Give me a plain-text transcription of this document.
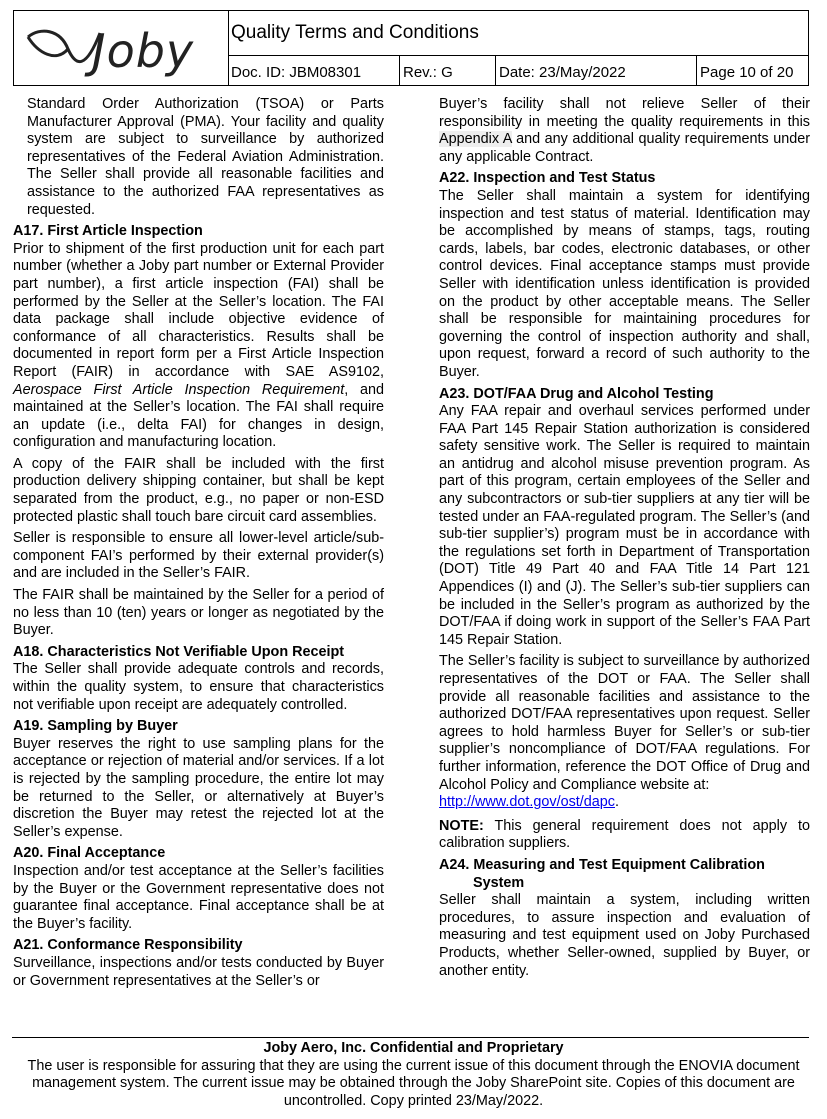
Joby Quality Terms and Conditions
Doc. ID: JBM08301	Rev.: G	Date: 23/May/2022	Page 10 of 20

Standard Order Authorization (TSOA) or Parts Manufacturer Approval (PMA). Your facility and quality system are subject to surveillance by authorized representatives of the Federal Aviation Administration. The Seller shall provide all reasonable facilities and assistance to the authorized FAA representatives as requested.

A17. First Article Inspection

Prior to shipment of the first production unit for each part number (whether a Joby part number or External Provider part number), a first article inspection (FAI) shall be performed by the Seller at the Seller’s location. The FAI data package shall include objective evidence of conformance of all characteristics. Results shall be documented in report form per a First Article Inspection Report (FAIR) in accordance with SAE AS9102, Aerospace First Article Inspection Requirement, and maintained at the Seller’s location. The FAI shall require an update (i.e., delta FAI) for changes in design, configuration and manufacturing location.

A copy of the FAIR shall be included with the first production delivery shipping container, but shall be kept separated from the product, e.g., no paper or non-ESD protected plastic shall touch bare circuit card assemblies.

Seller is responsible to ensure all lower-level article/sub-component FAI’s performed by their external provider(s) and are included in the Seller’s FAIR.

The FAIR shall be maintained by the Seller for a period of no less than 10 (ten) years or longer as negotiated by the Buyer.

A18. Characteristics Not Verifiable Upon Receipt

The Seller shall provide adequate controls and records, within the quality system, to ensure that characteristics not verifiable upon receipt are adequately controlled.

A19. Sampling by Buyer

Buyer reserves the right to use sampling plans for the acceptance or rejection of material and/or services. If a lot is rejected by the sampling procedure, the entire lot may be returned to the Seller, or alternatively at Buyer’s discretion the Buyer may retest the rejected lot at the Seller’s expense.

A20. Final Acceptance

Inspection and/or test acceptance at the Seller’s facilities by the Buyer or the Government representative does not guarantee final acceptance. Final acceptance shall be at the Buyer’s facility.

A21. Conformance Responsibility

Surveillance, inspections and/or tests conducted by Buyer or Government representatives at the Seller’s or

Buyer’s facility shall not relieve Seller of their responsibility in meeting the quality requirements in this Appendix A and any additional quality requirements under any applicable Contract.

A22. Inspection and Test Status

The Seller shall maintain a system for identifying inspection and test status of material. Identification may be accomplished by means of stamps, tags, routing cards, labels, bar codes, electronic databases, or other control devices. Final acceptance stamps must provide Seller with identification unless identification is provided on the product by other acceptable means. The Seller shall be responsible for maintaining procedures for governing the control of inspection authority and shall, upon request, forward a record of such authority to the Buyer.

A23. DOT/FAA Drug and Alcohol Testing

Any FAA repair and overhaul services performed under FAA Part 145 Repair Station authorization is considered safety sensitive work. The Seller is required to maintain an antidrug and alcohol misuse prevention program. As part of this program, certain employees of the Seller and any subcontractors or sub-tier suppliers at any tier will be tested under an FAA-regulated program. The Seller’s (and sub-tier supplier’s) program must be in accordance with the regulations set forth in Department of Transportation (DOT) Title 49 Part 40 and FAA Title 14 Part 121 Appendices (I) and (J). The Seller’s sub-tier suppliers can be included in the Seller’s program as authorized by the DOT/FAA if doing work in support of the Seller’s FAA Part 145 Repair Station.

The Seller’s facility is subject to surveillance by authorized representatives of the DOT or FAA. The Seller shall provide all reasonable facilities and assistance to the authorized DOT/FAA representatives upon request. Seller agrees to hold harmless Buyer for Seller’s or sub-tier supplier’s noncompliance of DOT/FAA regulations. For further information, reference the DOT Office of Drug and Alcohol Policy and Compliance website at:
http://www.dot.gov/ost/dapc.

NOTE: This general requirement does not apply to calibration suppliers.

A24. Measuring and Test Equipment Calibration
System

Seller shall maintain a system, including written procedures, to assure inspection and evaluation of measuring and test equipment used on Joby Purchased Products, whether Seller-owned, supplied by Buyer, or another entity.

Joby Aero, Inc. Confidential and Proprietary
The user is responsible for assuring that they are using the current issue of this document through the ENOVIA document management system. The current issue may be obtained through the Joby SharePoint site. Copies of this document are uncontrolled. Copy printed 23/May/2022.
